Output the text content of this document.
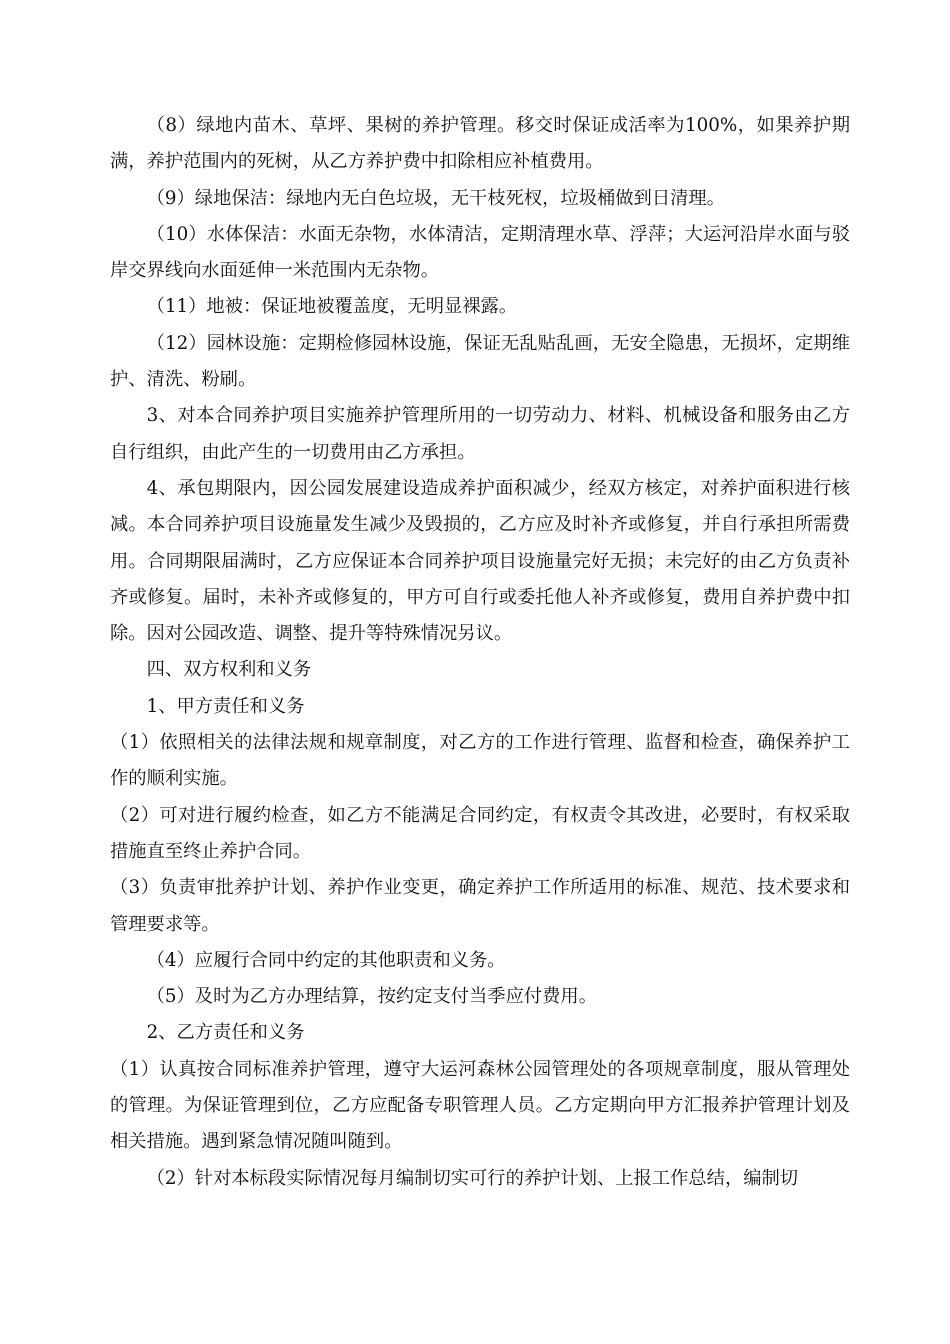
（8）绿地内苗木、草坪、果树的养护管理。移交时保证成活率为100%，如果养护期满，养护范围内的死树，从乙方养护费中扣除相应补植费用。

（9）绿地保洁：绿地内无白色垃圾，无干枝死杈，垃圾桶做到日清理。

（10）水体保洁：水面无杂物，水体清洁，定期清理水草、浮萍；大运河沿岸水面与驳岸交界线向水面延伸一米范围内无杂物。

（11）地被：保证地被覆盖度，无明显裸露。

（12）园林设施：定期检修园林设施，保证无乱贴乱画，无安全隐患，无损坏，定期维护、清洗、粉刷。

3、对本合同养护项目实施养护管理所用的一切劳动力、材料、机械设备和服务由乙方自行组织，由此产生的一切费用由乙方承担。

4、承包期限内，因公园发展建设造成养护面积减少，经双方核定，对养护面积进行核减。本合同养护项目设施量发生减少及毁损的，乙方应及时补齐或修复，并自行承担所需费用。合同期限届满时，乙方应保证本合同养护项目设施量完好无损；未完好的由乙方负责补齐或修复。届时，未补齐或修复的，甲方可自行或委托他人补齐或修复，费用自养护费中扣除。因对公园改造、调整、提升等特殊情况另议。

四、双方权利和义务

1、甲方责任和义务

（1）依照相关的法律法规和规章制度，对乙方的工作进行管理、监督和检查，确保养护工作的顺利实施。

（2）可对进行履约检查，如乙方不能满足合同约定，有权责令其改进，必要时，有权采取措施直至终止养护合同。

（3）负责审批养护计划、养护作业变更，确定养护工作所适用的标准、规范、技术要求和管理要求等。

（4）应履行合同中约定的其他职责和义务。

（5）及时为乙方办理结算，按约定支付当季应付费用。

2、乙方责任和义务

（1）认真按合同标准养护管理，遵守大运河森林公园管理处的各项规章制度，服从管理处的管理。为保证管理到位，乙方应配备专职管理人员。乙方定期向甲方汇报养护管理计划及相关措施。遇到紧急情况随叫随到。

（2）针对本标段实际情况每月编制切实可行的养护计划、上报工作总结，编制切
